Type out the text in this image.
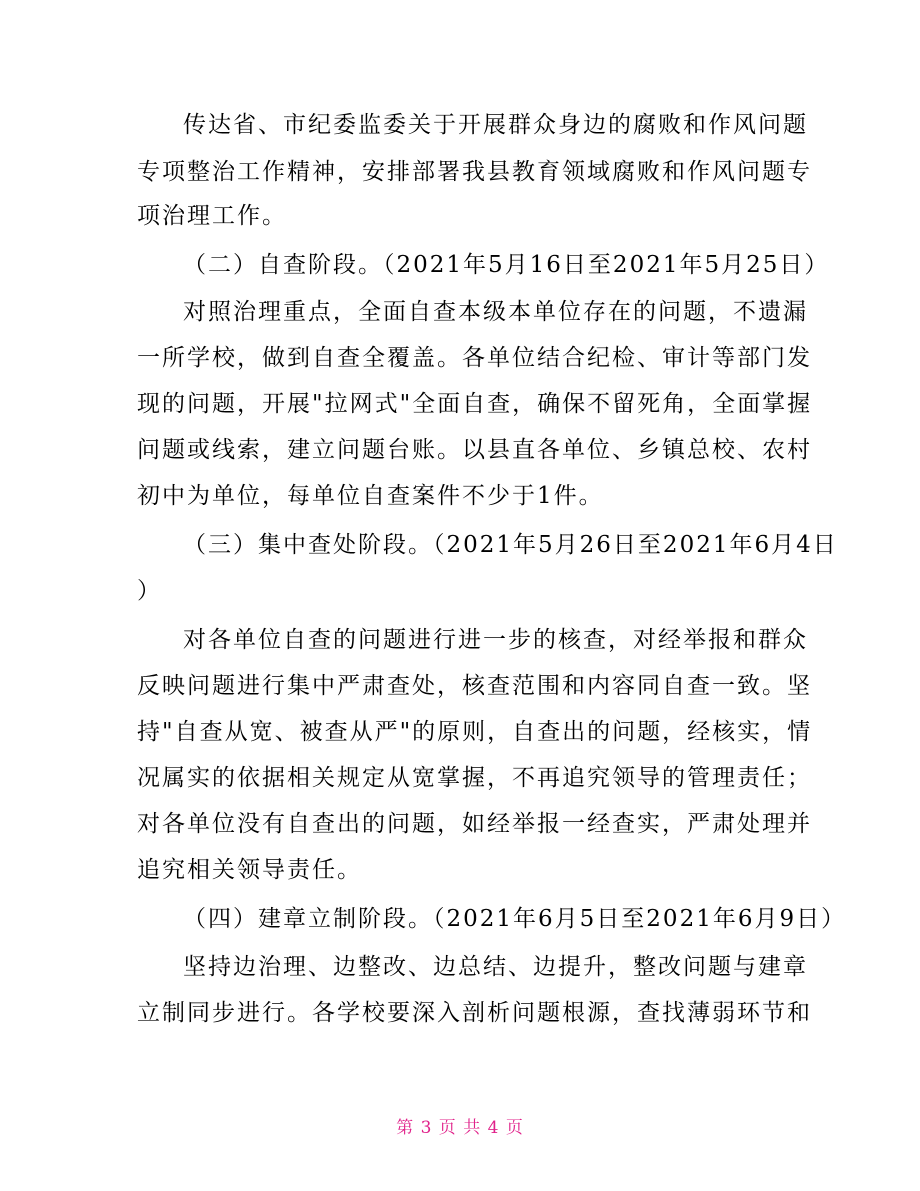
传达省、市纪委监委关于开展群众身边的腐败和作风问题
专项整治工作精神，安排部署我县教育领域腐败和作风问题专
项治理工作。
（二）自查阶段。（2021年5月16日至2021年5月25日）
对照治理重点，全面自查本级本单位存在的问题，不遗漏
一所学校，做到自查全覆盖。各单位结合纪检、审计等部门发
现的问题，开展"拉网式"全面自查，确保不留死角，全面掌握
问题或线索，建立问题台账。以县直各单位、乡镇总校、农村
初中为单位，每单位自查案件不少于1件。
（三）集中查处阶段。（2021年5月26日至2021年6月4日
）
对各单位自查的问题进行进一步的核查，对经举报和群众
反映问题进行集中严肃查处，核查范围和内容同自查一致。坚
持"自查从宽、被查从严"的原则，自查出的问题，经核实，情
况属实的依据相关规定从宽掌握，不再追究领导的管理责任；
对各单位没有自查出的问题，如经举报一经查实，严肃处理并
追究相关领导责任。
（四）建章立制阶段。（2021年6月5日至2021年6月9日）
坚持边治理、边整改、边总结、边提升，整改问题与建章
立制同步进行。各学校要深入剖析问题根源，查找薄弱环节和
第 3 页 共 4 页
